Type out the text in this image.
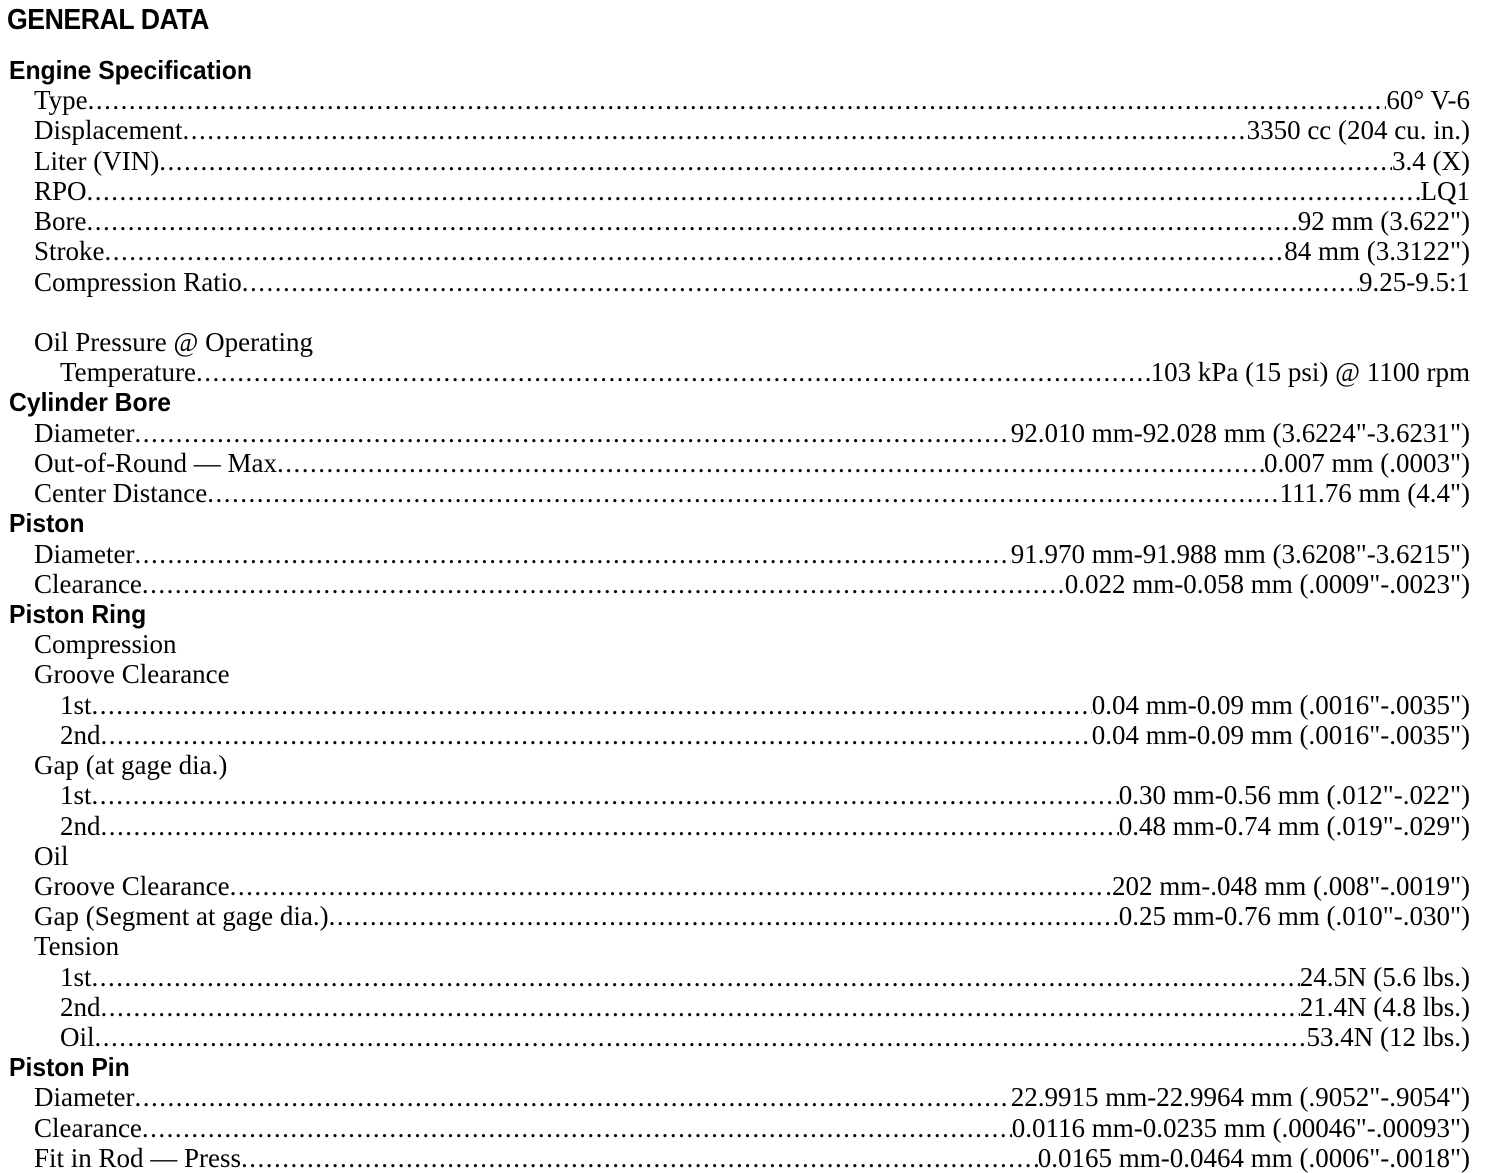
GENERAL DATA
Engine Specification
Type .....	60° V-6
Displacement .....	3350 cc (204 cu. in.)
Liter (VIN) .....	3.4 (X)
RPO .....	LQ1
Bore .....	92 mm (3.622")
Stroke .....	84 mm (3.3122")
Compression Ratio .....	9.25-9.5:1
Oil Pressure @ Operating
Temperature .....	103 kPa (15 psi) @ 1100 rpm
Cylinder Bore
Diameter .....	92.010 mm-92.028 mm (3.6224"-3.6231")
Out-of-Round — Max .....	0.007 mm (.0003")
Center Distance .....	111.76 mm (4.4")
Piston
Diameter .....	91.970 mm-91.988 mm (3.6208"-3.6215")
Clearance .....	0.022 mm-0.058 mm (.0009"-.0023")
Piston Ring
Compression
Groove Clearance
1st .....	0.04 mm-0.09 mm (.0016"-.0035")
2nd .....	0.04 mm-0.09 mm (.0016"-.0035")
Gap (at gage dia.)
1st .....	0.30 mm-0.56 mm (.012"-.022")
2nd .....	0.48 mm-0.74 mm (.019"-.029")
Oil
Groove Clearance .....	.202 mm-.048 mm (.008"-.0019")
Gap (Segment at gage dia.) .....	0.25 mm-0.76 mm (.010"-.030")
Tension
1st .....	24.5N (5.6 lbs.)
2nd .....	21.4N (4.8 lbs.)
Oil .....	53.4N (12 lbs.)
Piston Pin
Diameter .....	22.9915 mm-22.9964 mm (.9052"-.9054")
Clearance .....	0.0116 mm-0.0235 mm (.00046"-.00093")
Fit in Rod — Press .....	0.0165 mm-0.0464 mm (.0006"-.0018")
